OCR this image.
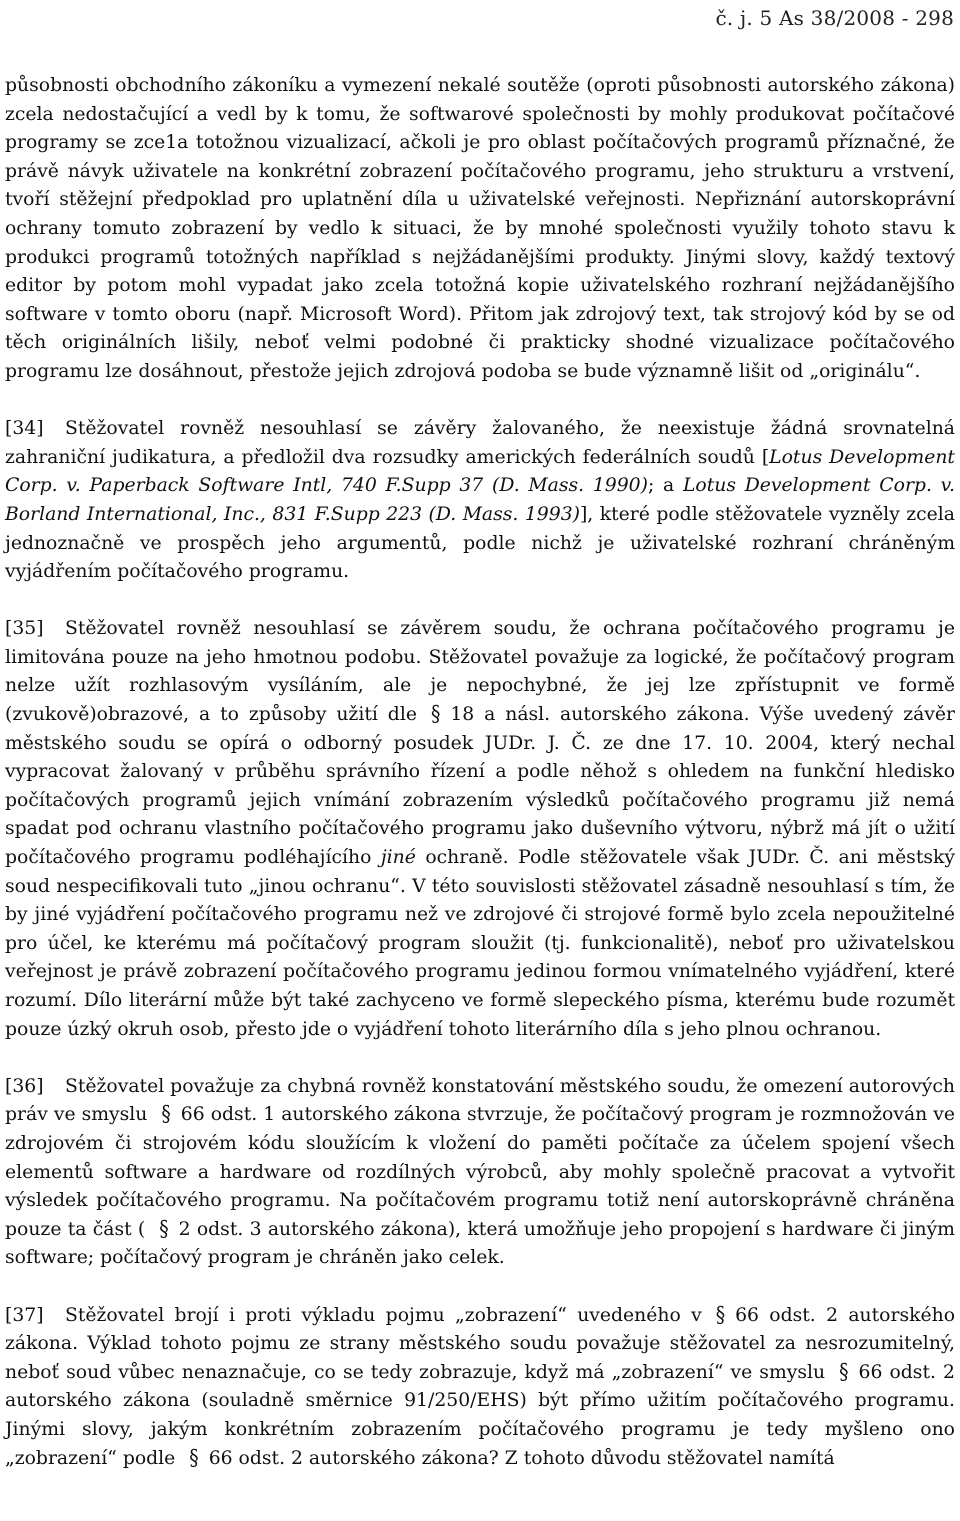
č. j. 5 As 38/2008 - 298

působnosti obchodního zákoníku a vymezení nekalé soutěže (oproti působnosti autorského zákona) zcela nedostačující a vedl by k tomu, že softwarové společnosti by mohly produkovat počítačové programy se zce1a totožnou vizualizací, ačkoli je pro oblast počítačových programů příznačné, že právě návyk uživatele na konkrétní zobrazení počítačového programu, jeho strukturu a vrstvení, tvoří stěžejní předpoklad pro uplatnění díla u uživatelské veřejnosti. Nepřiznání autorskoprávní ochrany tomuto zobrazení by vedlo k situaci, že by mnohé společnosti využily tohoto stavu k produkci programů totožných například s nejžádanějšími produkty. Jinými slovy, každý textový editor by potom mohl vypadat jako zcela totožná kopie uživatelského rozhraní nejžádanějšího software v tomto oboru (např. Microsoft Word). Přitom jak zdrojový text, tak strojový kód by se od těch originálních lišily, neboť velmi podobné či prakticky shodné vizualizace počítačového programu lze dosáhnout, přestože jejich zdrojová podoba se bude významně lišit od „originálu“.

[34] Stěžovatel rovněž nesouhlasí se závěry žalovaného, že neexistuje žádná srovnatelná zahraniční judikatura, a předložil dva rozsudky amerických federálních soudů [Lotus Development Corp. v. Paperback Software Intl, 740 F.Supp 37 (D. Mass. 1990); a Lotus Development Corp. v. Borland International, Inc., 831 F.Supp 223 (D. Mass. 1993)], které podle stěžovatele vyzněly zcela jednoznačně ve prospěch jeho argumentů, podle nichž je uživatelské rozhraní chráněným vyjádřením počítačového programu.

[35] Stěžovatel rovněž nesouhlasí se závěrem soudu, že ochrana počítačového programu je limitována pouze na jeho hmotnou podobu. Stěžovatel považuje za logické, že počítačový program nelze užít rozhlasovým vysíláním, ale je nepochybné, že jej lze zpřístupnit ve formě (zvukově)obrazové, a to způsoby užití dle § 18 a násl. autorského zákona. Výše uvedený závěr městského soudu se opírá o odborný posudek JUDr. J. Č. ze dne 17. 10. 2004, který nechal vypracovat žalovaný v průběhu správního řízení a podle něhož s ohledem na funkční hledisko počítačových programů jejich vnímání zobrazením výsledků počítačového programu již nemá spadat pod ochranu vlastního počítačového programu jako duševního výtvoru, nýbrž má jít o užití počítačového programu podléhajícího jiné ochraně. Podle stěžovatele však JUDr. Č. ani městský soud nespecifikovali tuto „jinou ochranu“. V této souvislosti stěžovatel zásadně nesouhlasí s tím, že by jiné vyjádření počítačového programu než ve zdrojové či strojové formě bylo zcela nepoužitelné pro účel, ke kterému má počítačový program sloužit (tj. funkcionalitě), neboť pro uživatelskou veřejnost je právě zobrazení počítačového programu jedinou formou vnímatelného vyjádření, které rozumí. Dílo literární může být také zachyceno ve formě slepeckého písma, kterému bude rozumět pouze úzký okruh osob, přesto jde o vyjádření tohoto literárního díla s jeho plnou ochranou.

[36] Stěžovatel považuje za chybná rovněž konstatování městského soudu, že omezení autorových práv ve smyslu § 66 odst. 1 autorského zákona stvrzuje, že počítačový program je rozmnožován ve zdrojovém či strojovém kódu sloužícím k vložení do paměti počítače za účelem spojení všech elementů software a hardware od rozdílných výrobců, aby mohly společně pracovat a vytvořit výsledek počítačového programu. Na počítačovém programu totiž není autorskoprávně chráněna pouze ta část ( § 2 odst. 3 autorského zákona), která umožňuje jeho propojení s hardware či jiným software; počítačový program je chráněn jako celek.

[37] Stěžovatel brojí i proti výkladu pojmu „zobrazení“ uvedeného v § 66 odst. 2 autorského zákona. Výklad tohoto pojmu ze strany městského soudu považuje stěžovatel za nesrozumitelný, neboť soud vůbec nenaznačuje, co se tedy zobrazuje, když má „zobrazení“ ve smyslu § 66 odst. 2 autorského zákona (souladně směrnice 91/250/EHS) být přímo užitím počítačového programu. Jinými slovy, jakým konkrétním zobrazením počítačového programu je tedy myšleno ono „zobrazení“ podle § 66 odst. 2 autorského zákona? Z tohoto důvodu stěžovatel namítá
